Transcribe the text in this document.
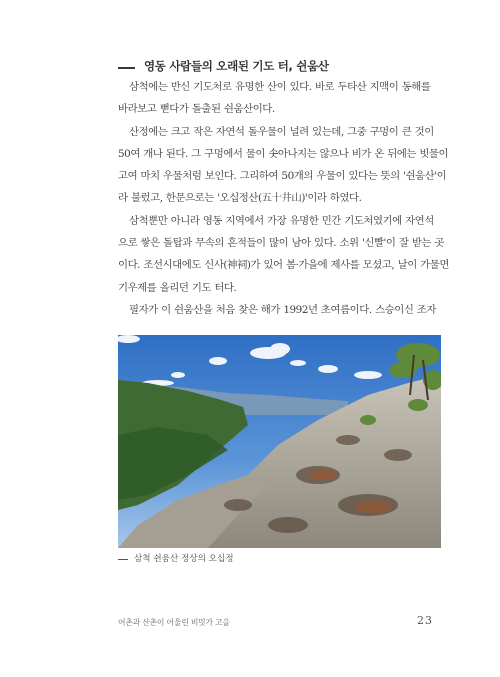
영동 사람들의 오래된 기도 터, 쉰움산

삼척에는 반신 기도처로 유명한 산이 있다. 바로 두타산 지맥이 동해를
바라보고 뻗다가 돌출된 쉰움산이다.

산정에는 크고 작은 자연석 돌우물이 널려 있는데, 그중 구멍이 큰 것이
50여 개나 된다. 그 구멍에서 물이 솟아나지는 않으나 비가 온 뒤에는 빗물이
고여 마치 우물처럼 보인다. 그리하여 50개의 우물이 있다는 뜻의 '쉰움산'이
라 불렀고, 한문으로는 '오십정산(五十井山)'이라 하였다.

삼척뿐만 아니라 영동 지역에서 가장 유명한 민간 기도처였기에 자연석
으로 쌓은 돌탑과 무속의 흔적들이 많이 남아 있다. 소위 '신빨'이 잘 받는 곳
이다. 조선시대에도 신사(神祠)가 있어 봄·가을에 제사를 모셨고, 날이 가물면
기우제를 올리던 기도 터다.

필자가 이 쉰움산을 처음 찾은 해가 1992년 초여름이다. 스승이신 조자

삼척 쉰움산 정상의 오십정
어촌과 산촌이 어울린 비밋가 고을	23
